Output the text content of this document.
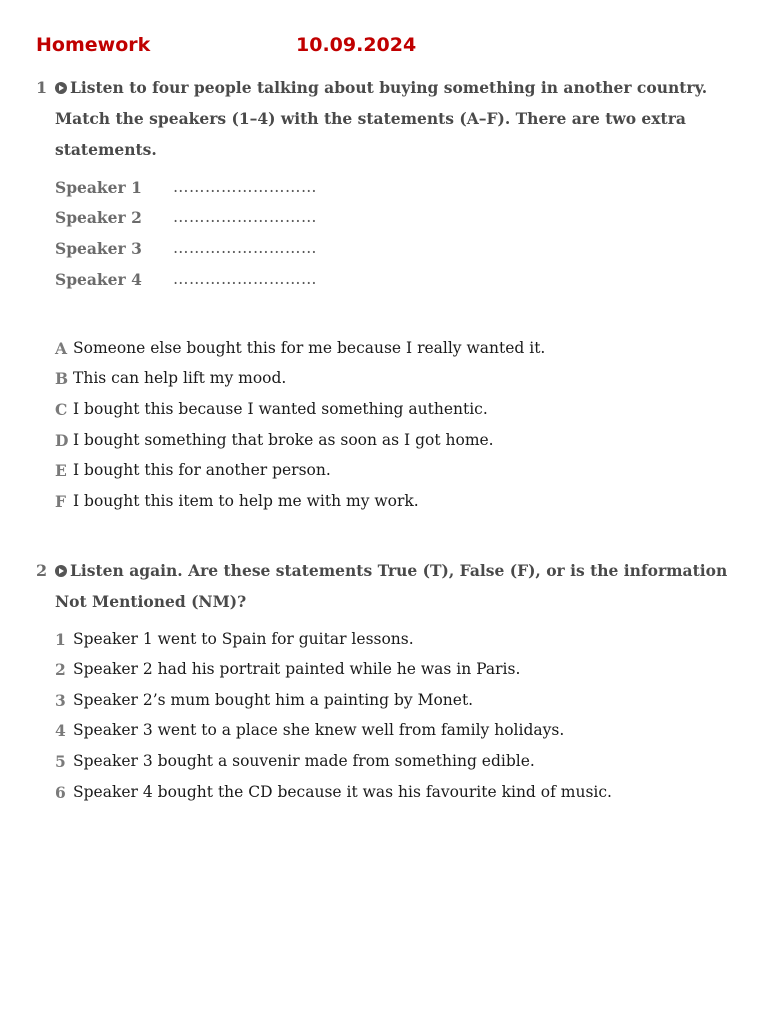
Homework	10.09.2024
1	Listen to four people talking about buying something in another country. Match the speakers (1–4) with the statements (A–F). There are two extra statements.
Speaker 1 ………………………
Speaker 2 ………………………
Speaker 3 ………………………
Speaker 4 ………………………
A Someone else bought this for me because I really wanted it.
B This can help lift my mood.
C I bought this because I wanted something authentic.
D I bought something that broke as soon as I got home.
E I bought this for another person.
F I bought this item to help me with my work.
2	Listen again. Are these statements True (T), False (F), or is the information Not Mentioned (NM)?
1 Speaker 1 went to Spain for guitar lessons.
2 Speaker 2 had his portrait painted while he was in Paris.
3 Speaker 2’s mum bought him a painting by Monet.
4 Speaker 3 went to a place she knew well from family holidays.
5 Speaker 3 bought a souvenir made from something edible.
6 Speaker 4 bought the CD because it was his favourite kind of music.
